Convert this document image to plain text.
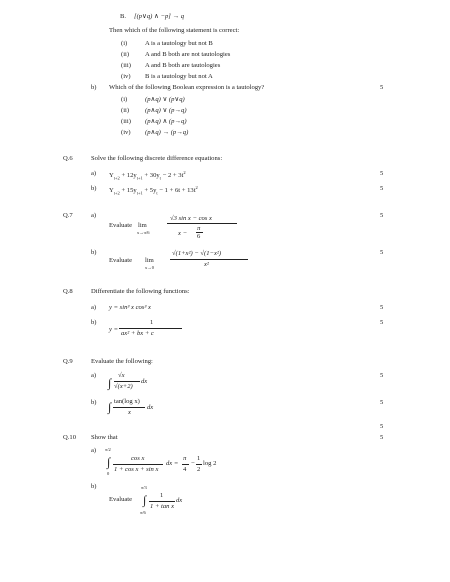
B. [(p∨q) ∧ −p] → q
Then which of the following statement is correct:
(i)	A is a tautology but not B
(ii) A and B both are not tautologies
(iii) A and B both are tautologies
(iv) B is a tautology but not A
b) Which of the following Boolean expression is a tautology?	5
(i)	(p∧q) ∨ (p∨q)
(ii) (p∧q) ∨ (p→q)
(iii) (p∧q) ∧ (p→q)
(iv) (p∧q) → (p→q)
Q.6	Solve the following discrete difference equations:
a) $Y_{t+2} + 12y_{t+1} + 30y_t - 2 + 3t^2$	5
b) $Y_{t+2} + 15y_{t+1} + 5y_t - 1 + 6t + 13t^2$	5
Q.7	a)	5
Evaluate lim
x→π/6
√3 sin x − cos x
x −
π
6
b)	5
Evaluate lim
x→0
√(1+x²) − √(1−x²)
x²
Q.8	Differentiate the following functions:
a) y = sin³ x cos³ x	5
b)	5
y =
1
ax² + bx + c
Q.9	Evaluate the following:
a)	5
∫
√x
√(x+2)
dx
b)	5
∫ tan(log x)
x
dx
5
Q.10 Show that	5
a) π/2
∫
0
cos x
1 + cos x + sin x
dx =
π
4
−
1
2
log 2
b)
Evaluate
π/3
∫
π/6
1
1 + tan x
dx
